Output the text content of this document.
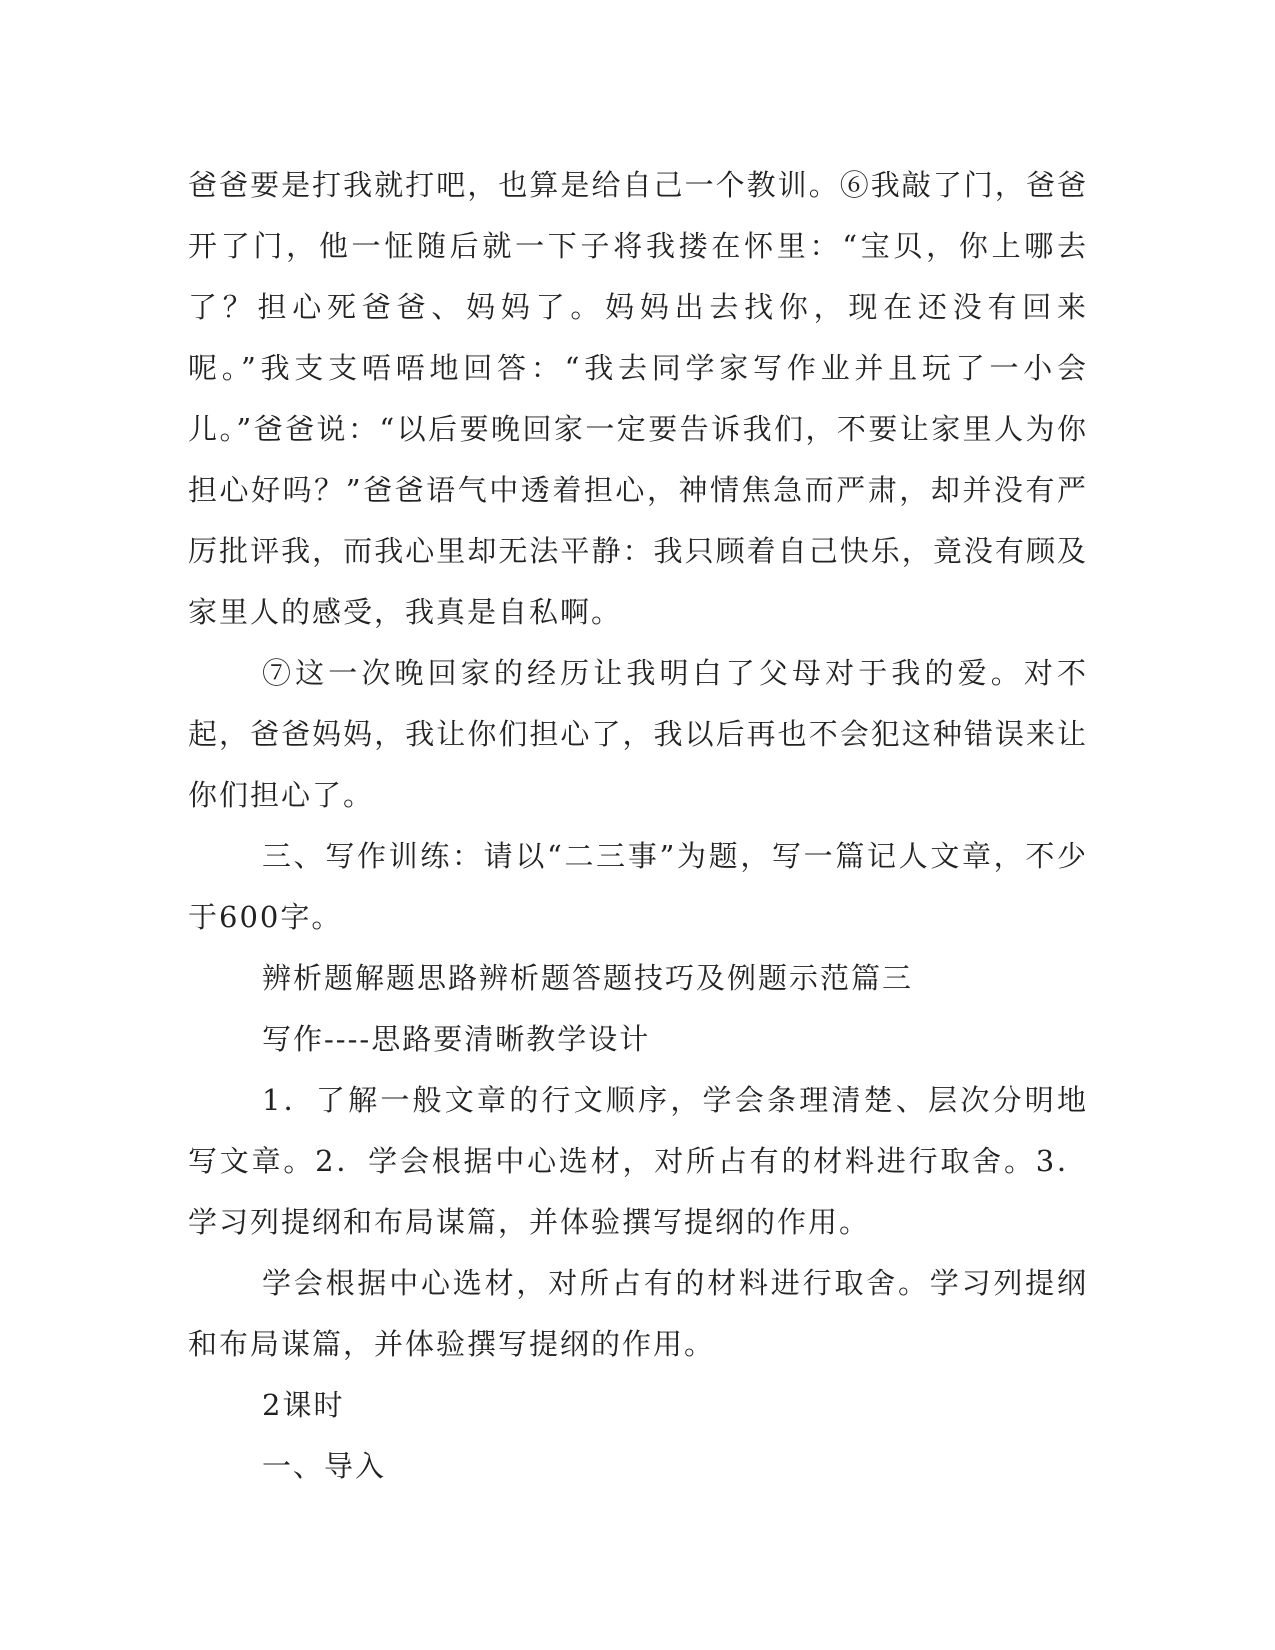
爸爸要是打我就打吧，也算是给自己一个教训。⑥我敲了门，爸爸开了门，他一怔随后就一下子将我搂在怀里：“宝贝，你上哪去了？担心死爸爸、妈妈了。妈妈出去找你，现在还没有回来呢。”我支支唔唔地回答：“我去同学家写作业并且玩了一小会儿。”爸爸说：“以后要晚回家一定要告诉我们，不要让家里人为你担心好吗？”爸爸语气中透着担心，神情焦急而严肃，却并没有严厉批评我，而我心里却无法平静：我只顾着自己快乐，竟没有顾及家里人的感受，我真是自私啊。

⑦这一次晚回家的经历让我明白了父母对于我的爱。对不起，爸爸妈妈，我让你们担心了，我以后再也不会犯这种错误来让你们担心了。

三、写作训练：请以“二三事”为题，写一篇记人文章，不少于600字。

辨析题解题思路辨析题答题技巧及例题示范篇三

写作----思路要清晰教学设计

1．了解一般文章的行文顺序，学会条理清楚、层次分明地写文章。2．学会根据中心选材，对所占有的材料进行取舍。3．学习列提纲和布局谋篇，并体验撰写提纲的作用。

学会根据中心选材，对所占有的材料进行取舍。学习列提纲和布局谋篇，并体验撰写提纲的作用。

2课时

一、导入
